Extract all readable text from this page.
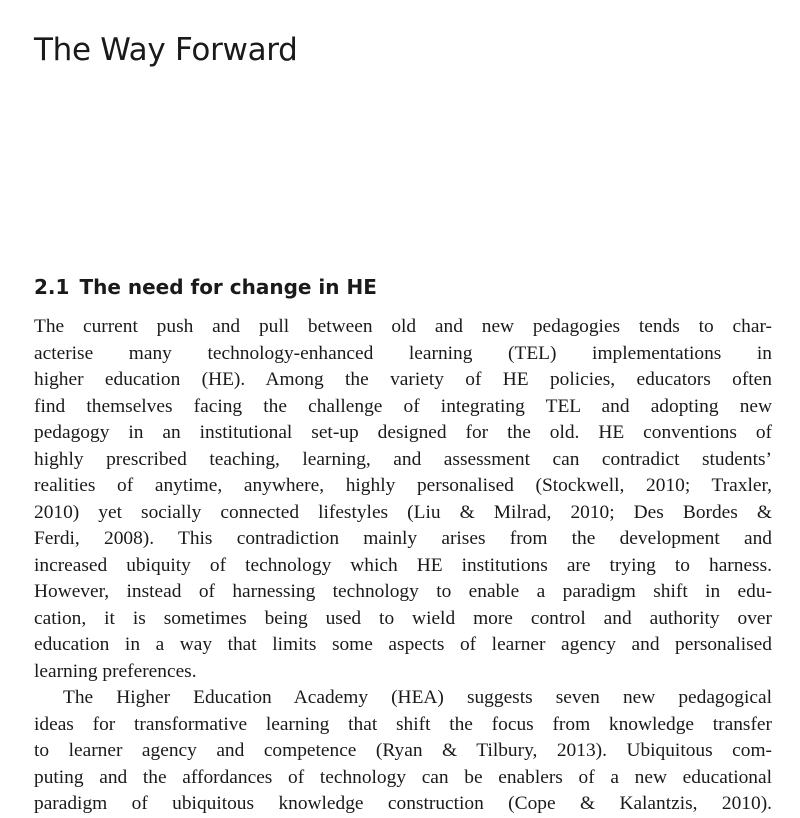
The Way Forward
2.1 The need for change in HE
The current push and pull between old and new pedagogies tends to char-
acterise many technology-enhanced learning (TEL) implementations in
higher education (HE). Among the variety of HE policies, educators often
find themselves facing the challenge of integrating TEL and adopting new
pedagogy in an institutional set-up designed for the old. HE conventions of
highly prescribed teaching, learning, and assessment can contradict students’
realities of anytime, anywhere, highly personalised (Stockwell, 2010; Traxler,
2010) yet socially connected lifestyles (Liu & Milrad, 2010; Des Bordes &
Ferdi, 2008). This contradiction mainly arises from the development and
increased ubiquity of technology which HE institutions are trying to harness.
However, instead of harnessing technology to enable a paradigm shift in edu-
cation, it is sometimes being used to wield more control and authority over
education in a way that limits some aspects of learner agency and personalised
learning preferences.
The Higher Education Academy (HEA) suggests seven new pedagogical
ideas for transformative learning that shift the focus from knowledge transfer
to learner agency and competence (Ryan & Tilbury, 2013). Ubiquitous com-
puting and the affordances of technology can be enablers of a new educational
paradigm of ubiquitous knowledge construction (Cope & Kalantzis, 2010).
